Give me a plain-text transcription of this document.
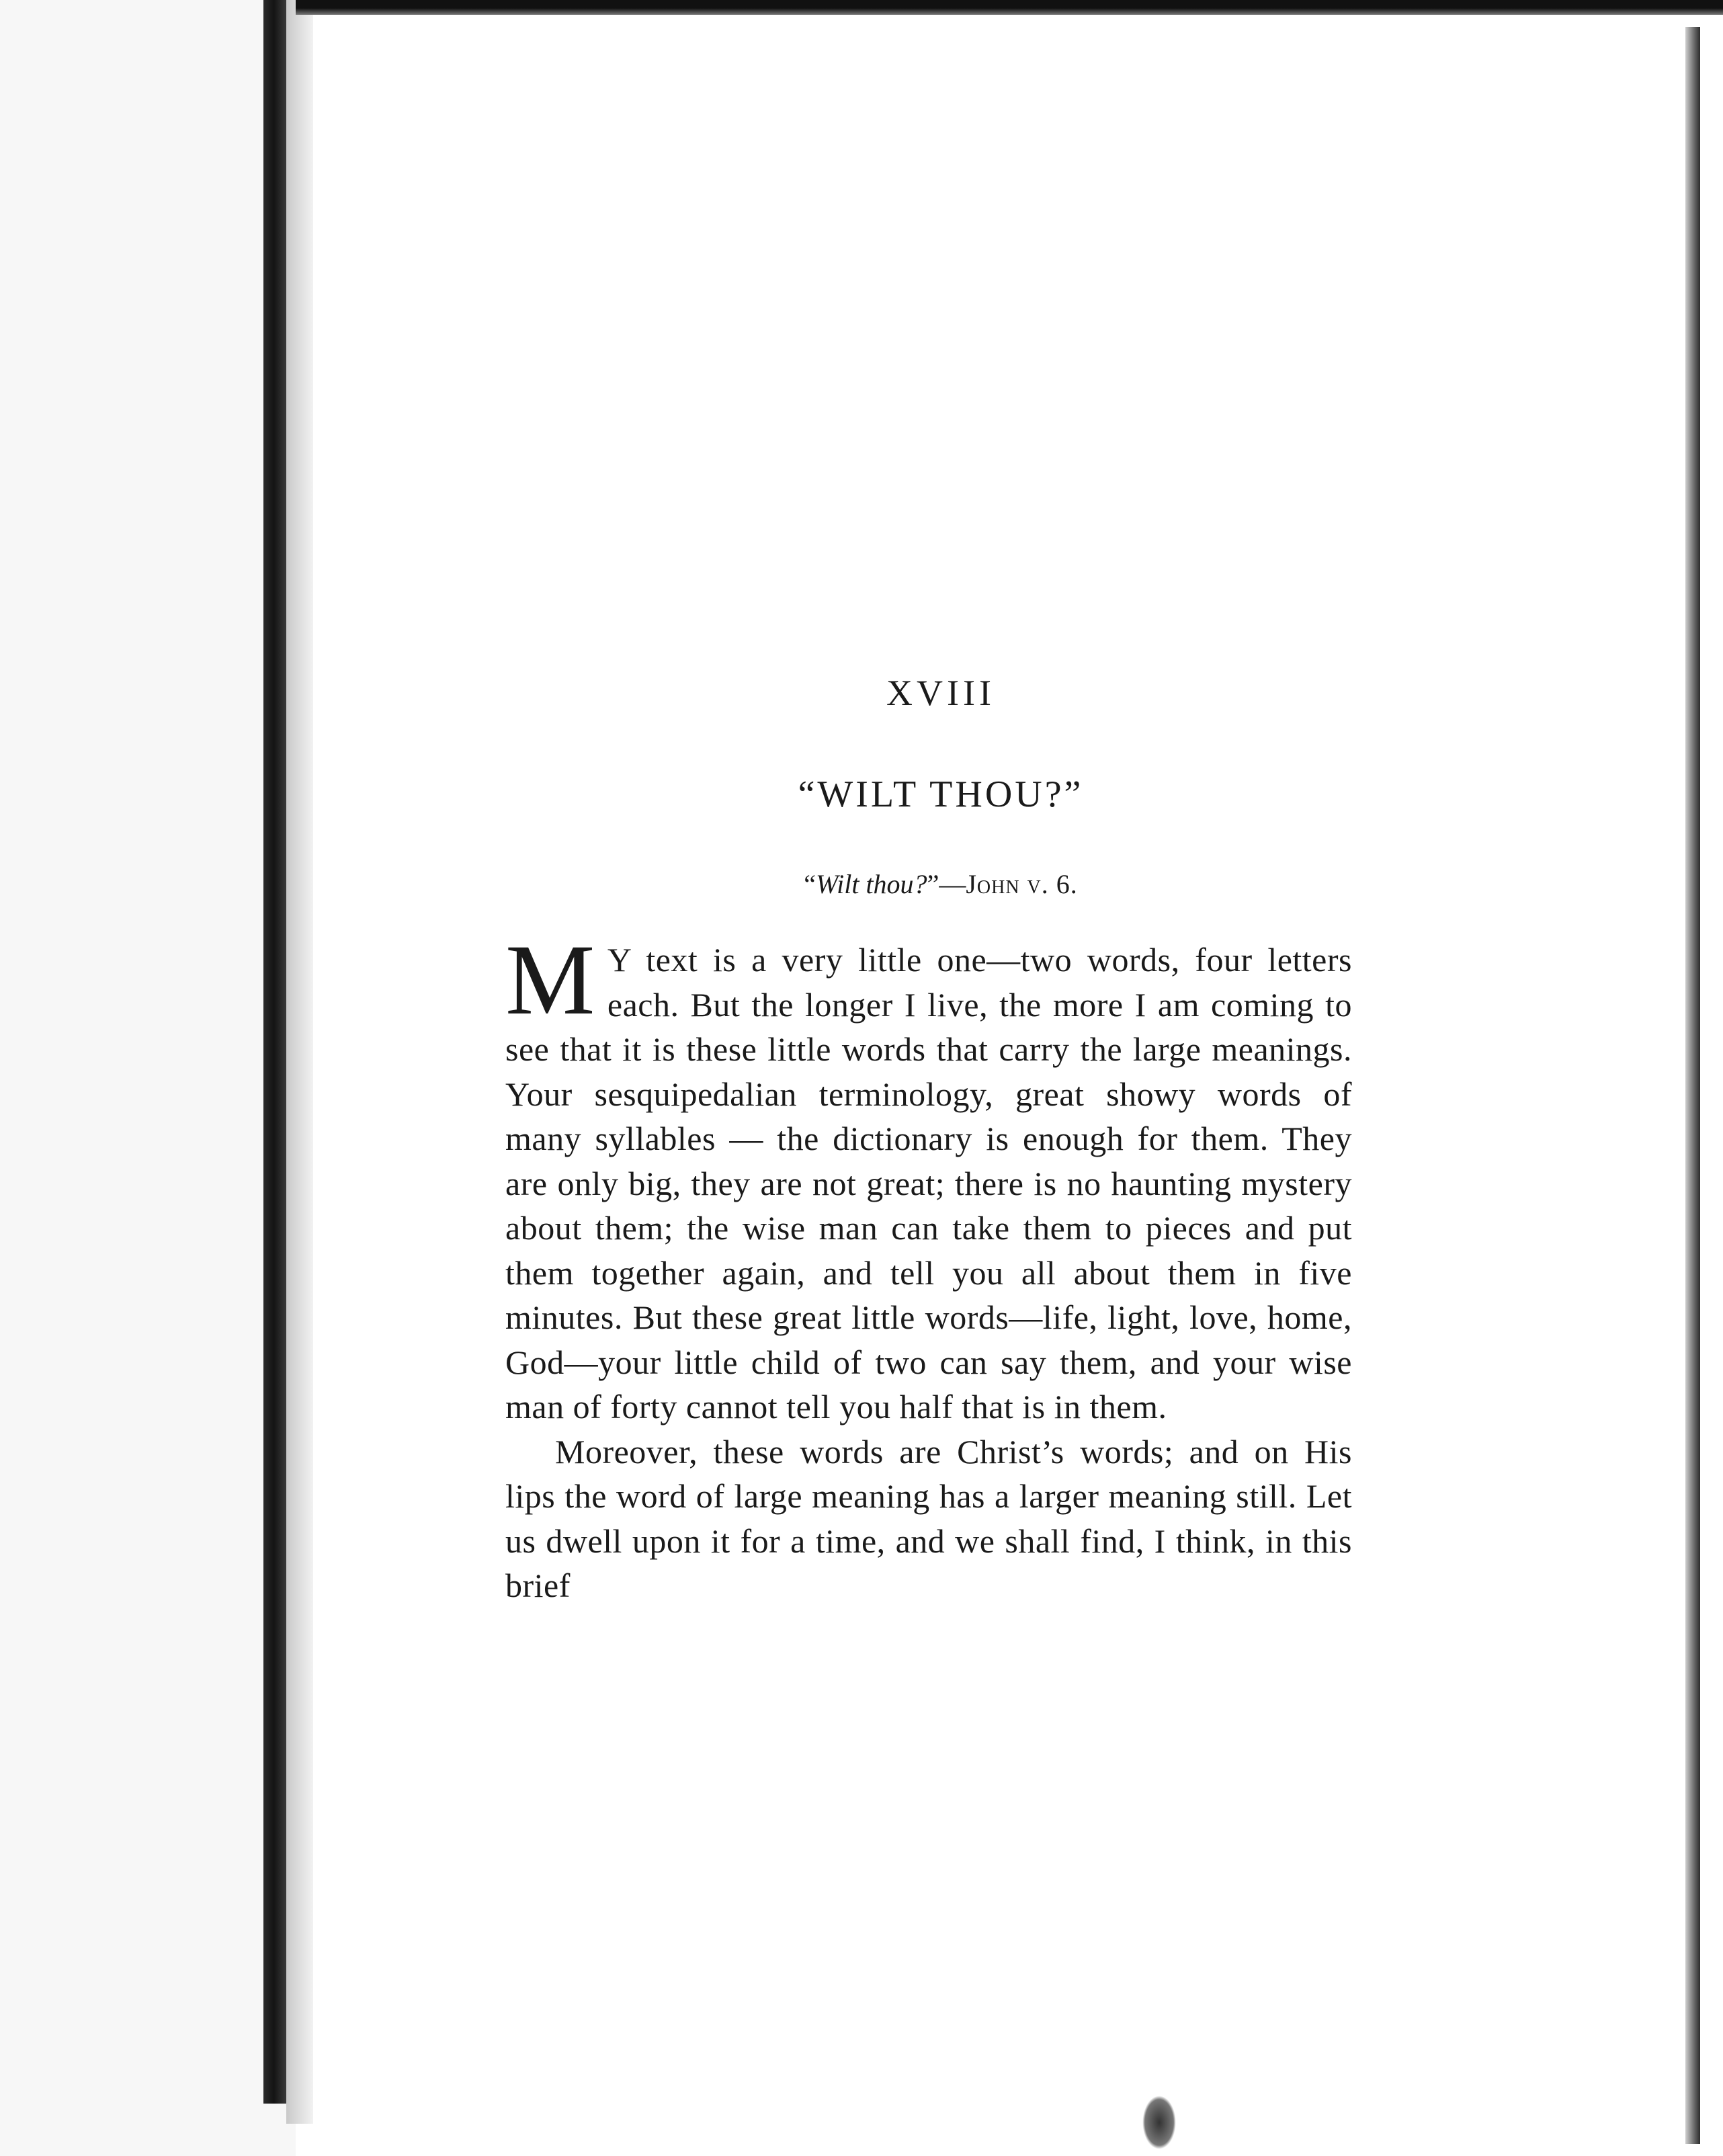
XVIII
“WILT THOU?”
“Wilt thou?”—John v. 6.

M Y text is a very little one—two words, four letters each. But the longer I live, the more I am coming to see that it is these little words that carry the large meanings. Your sesquipedalian terminology, great showy words of many syllables — the dictionary is enough for them. They are only big, they are not great; there is no haunting mystery about them; the wise man can take them to pieces and put them together again, and tell you all about them in five minutes. But these great little words—life, light, love, home, God—your little child of two can say them, and your wise man of forty cannot tell you half that is in them.

Moreover, these words are Christ’s words; and on His lips the word of large meaning has a larger meaning still. Let us dwell upon it for a time, and we shall find, I think, in this brief
